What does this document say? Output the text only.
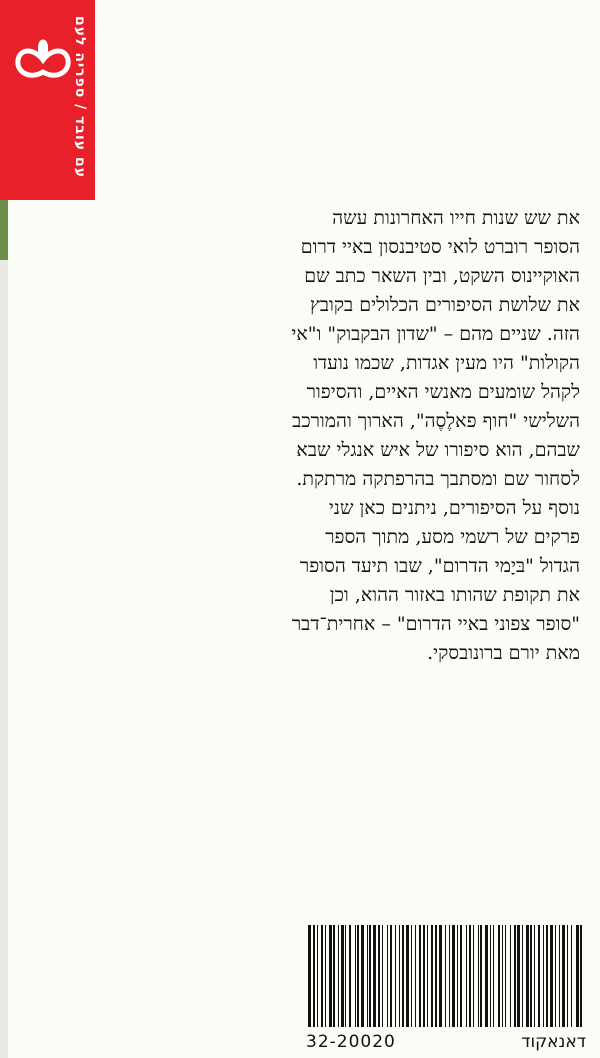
עם עובד / ספריה לעם
את שש שנות חייו האחרונות עשה
הסופר רוברט לואי סטיבנסון באיי דרום
האוקיינוס השקט, ובין השאר כתב שם
את שלושת הסיפורים הכלולים בקובץ
הזה. שניים מהם – "שדון הבקבוק" ו"אי
הקולות" היו מעין אגדות, שכמו נועדו
לקהל שומעים מאנשי האיים, והסיפור
השלישי "חוף פאלֶסֶה", הארוך והמורכב
שבהם, הוא סיפורו של איש אנגלי שבא
לסחור שם ומסתבך בהרפתקה מרתקת.
נוסף על הסיפורים, ניתנים כאן שני
פרקים של רשמי מסע, מתוך הספר
הגדול "בּיָמי הדרום", שבו תיעד הסופר
את תקופת שהותו באזור ההוא, וכן
"סופר צפוני באיי הדרום" – אחרית־דבר
מאת יורם ברונובסקי.
32-20020	דאנאקוד
